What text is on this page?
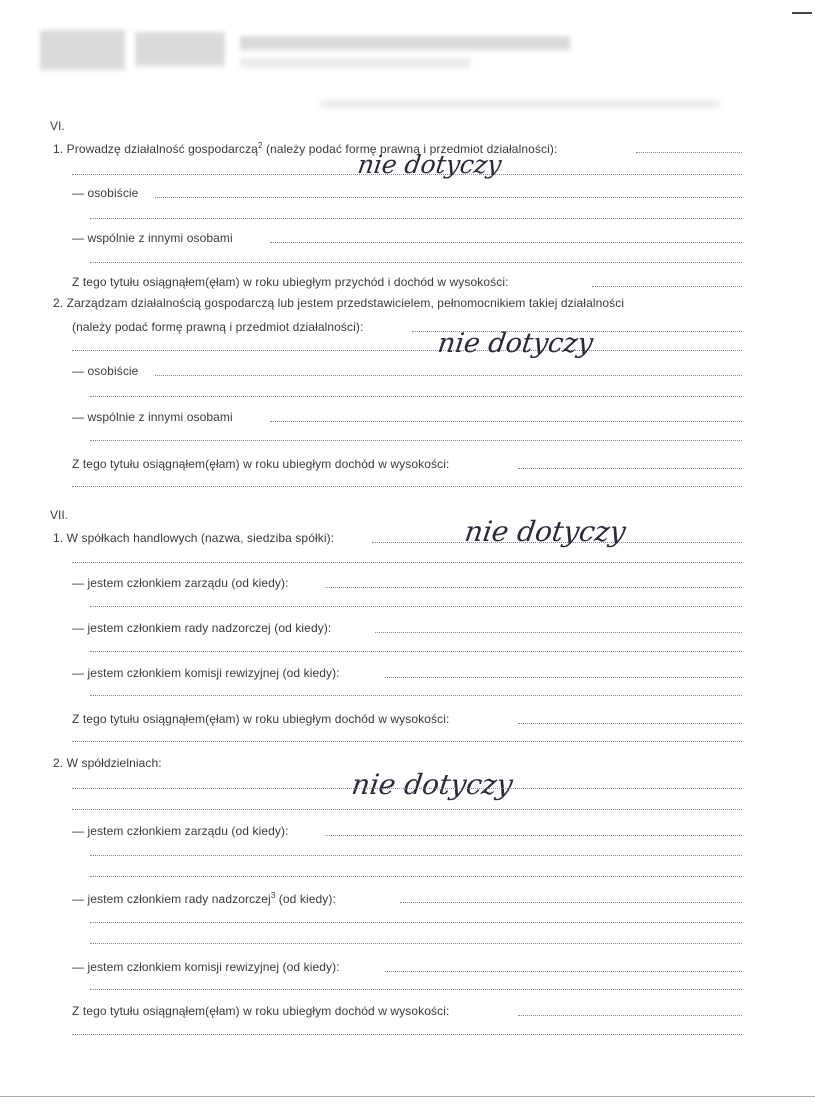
VI.
1. Prowadzę działalność gospodarczą$^2$ (należy podać formę prawną i przedmiot działalności):
nie dotyczy
— osobiście
— wspólnie z innymi osobami
Z tego tytułu osiągnąłem(ęłam) w roku ubiegłym przychód i dochód w wysokości:
2. Zarządzam działalnością gospodarczą lub jestem przedstawicielem, pełnomocnikiem takiej działalności
(należy podać formę prawną i przedmiot działalności):
nie dotyczy
— osobiście
— wspólnie z innymi osobami
Z tego tytułu osiągnąłem(ęłam) w roku ubiegłym dochód w wysokości:
VII.
1. W spółkach handlowych (nazwa, siedziba spółki):	nie dotyczy
— jestem członkiem zarządu (od kiedy):
— jestem członkiem rady nadzorczej (od kiedy):
— jestem członkiem komisji rewizyjnej (od kiedy):
Z tego tytułu osiągnąłem(ęłam) w roku ubiegłym dochód w wysokości:
2. W spółdzielniach:
nie dotyczy
— jestem członkiem zarządu (od kiedy):
— jestem członkiem rady nadzorczej$^3$ (od kiedy):
— jestem członkiem komisji rewizyjnej (od kiedy):
Z tego tytułu osiągnąłem(ęłam) w roku ubiegłym dochód w wysokości:
